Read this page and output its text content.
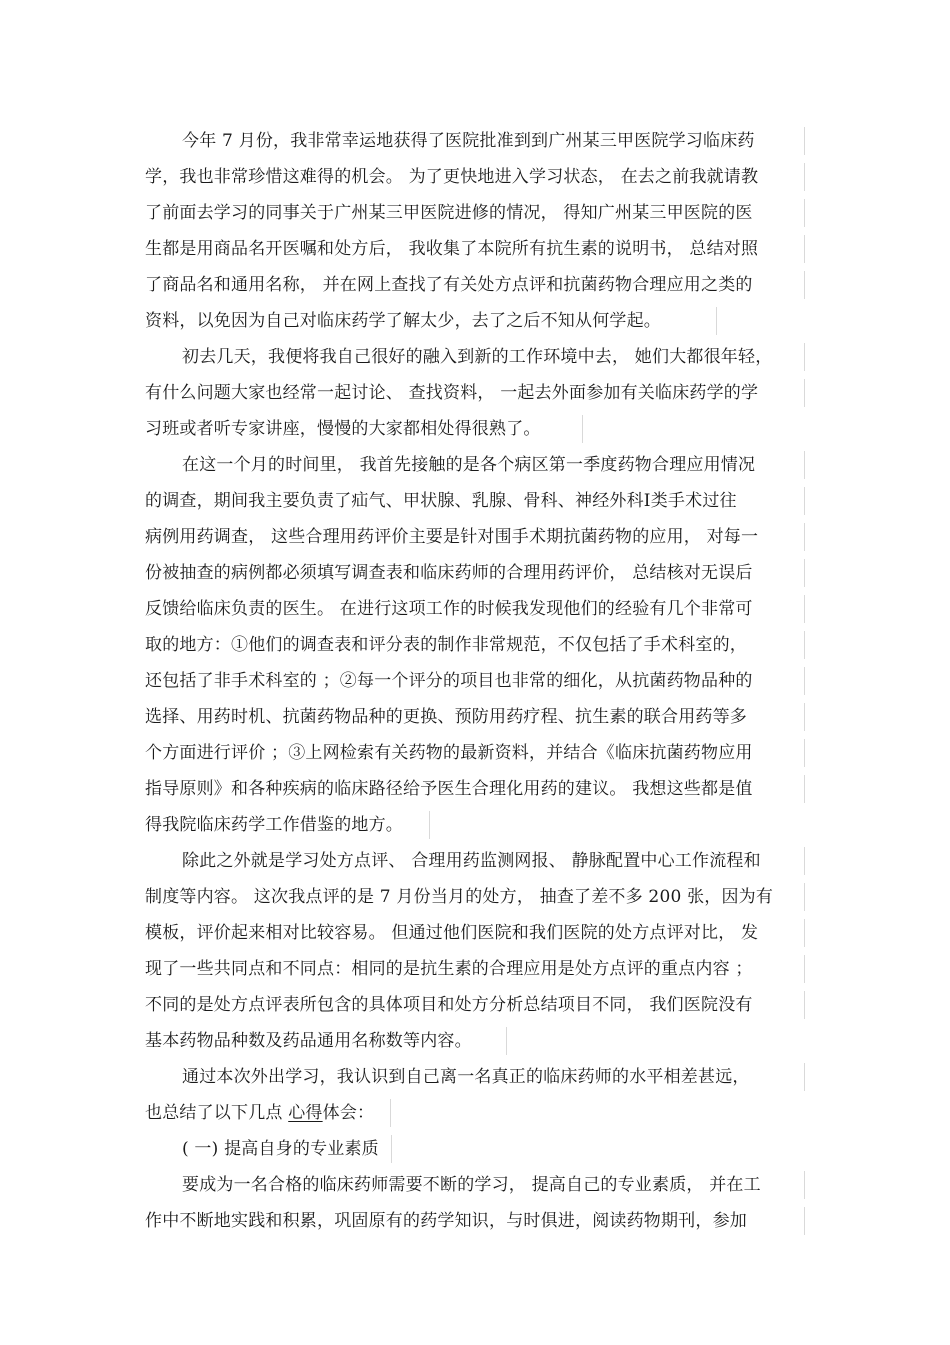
今年 7 月份，我非常幸运地获得了医院批准到到广州某三甲医院学习临床药
学，我也非常珍惜这难得的机会。 为了更快地进入学习状态， 在去之前我就请教
了前面去学习的同事关于广州某三甲医院进修的情况， 得知广州某三甲医院的医
生都是用商品名开医嘱和处方后， 我收集了本院所有抗生素的说明书， 总结对照
了商品名和通用名称， 并在网上查找了有关处方点评和抗菌药物合理应用之类的
资料，以免因为自己对临床药学了解太少，去了之后不知从何学起。
初去几天，我便将我自己很好的融入到新的工作环境中去， 她们大都很年轻，
有什么问题大家也经常一起讨论、 查找资料， 一起去外面参加有关临床药学的学
习班或者听专家讲座，慢慢的大家都相处得很熟了。
在这一个月的时间里， 我首先接触的是各个病区第一季度药物合理应用情况
的调查，期间我主要负责了疝气、甲状腺、乳腺、骨科、神经外科Ⅰ类手术过往
病例用药调查， 这些合理用药评价主要是针对围手术期抗菌药物的应用， 对每一
份被抽查的病例都必须填写调查表和临床药师的合理用药评价， 总结核对无误后
反馈给临床负责的医生。 在进行这项工作的时候我发现他们的经验有几个非常可
取的地方：①他们的调查表和评分表的制作非常规范，不仅包括了手术科室的，
还包括了非手术科室的 ；②每一个评分的项目也非常的细化，从抗菌药物品种的
选择、用药时机、抗菌药物品种的更换、预防用药疗程、抗生素的联合用药等多
个方面进行评价 ；③上网检索有关药物的最新资料，并结合《临床抗菌药物应用
指导原则》和各种疾病的临床路径给予医生合理化用药的建议。 我想这些都是值
得我院临床药学工作借鉴的地方。
除此之外就是学习处方点评、 合理用药监测网报、 静脉配置中心工作流程和
制度等内容。 这次我点评的是 7 月份当月的处方， 抽查了差不多 200 张，因为有
模板，评价起来相对比较容易。 但通过他们医院和我们医院的处方点评对比， 发
现了一些共同点和不同点：相同的是抗生素的合理应用是处方点评的重点内容 ；
不同的是处方点评表所包含的具体项目和处方分析总结项目不同， 我们医院没有
基本药物品种数及药品通用名称数等内容。
通过本次外出学习，我认识到自己离一名真正的临床药师的水平相差甚远，
也总结了以下几点 心得体会：
( 一) 提高自身的专业素质
要成为一名合格的临床药师需要不断的学习， 提高自己的专业素质， 并在工
作中不断地实践和积累，巩固原有的药学知识，与时俱进，阅读药物期刊，参加
